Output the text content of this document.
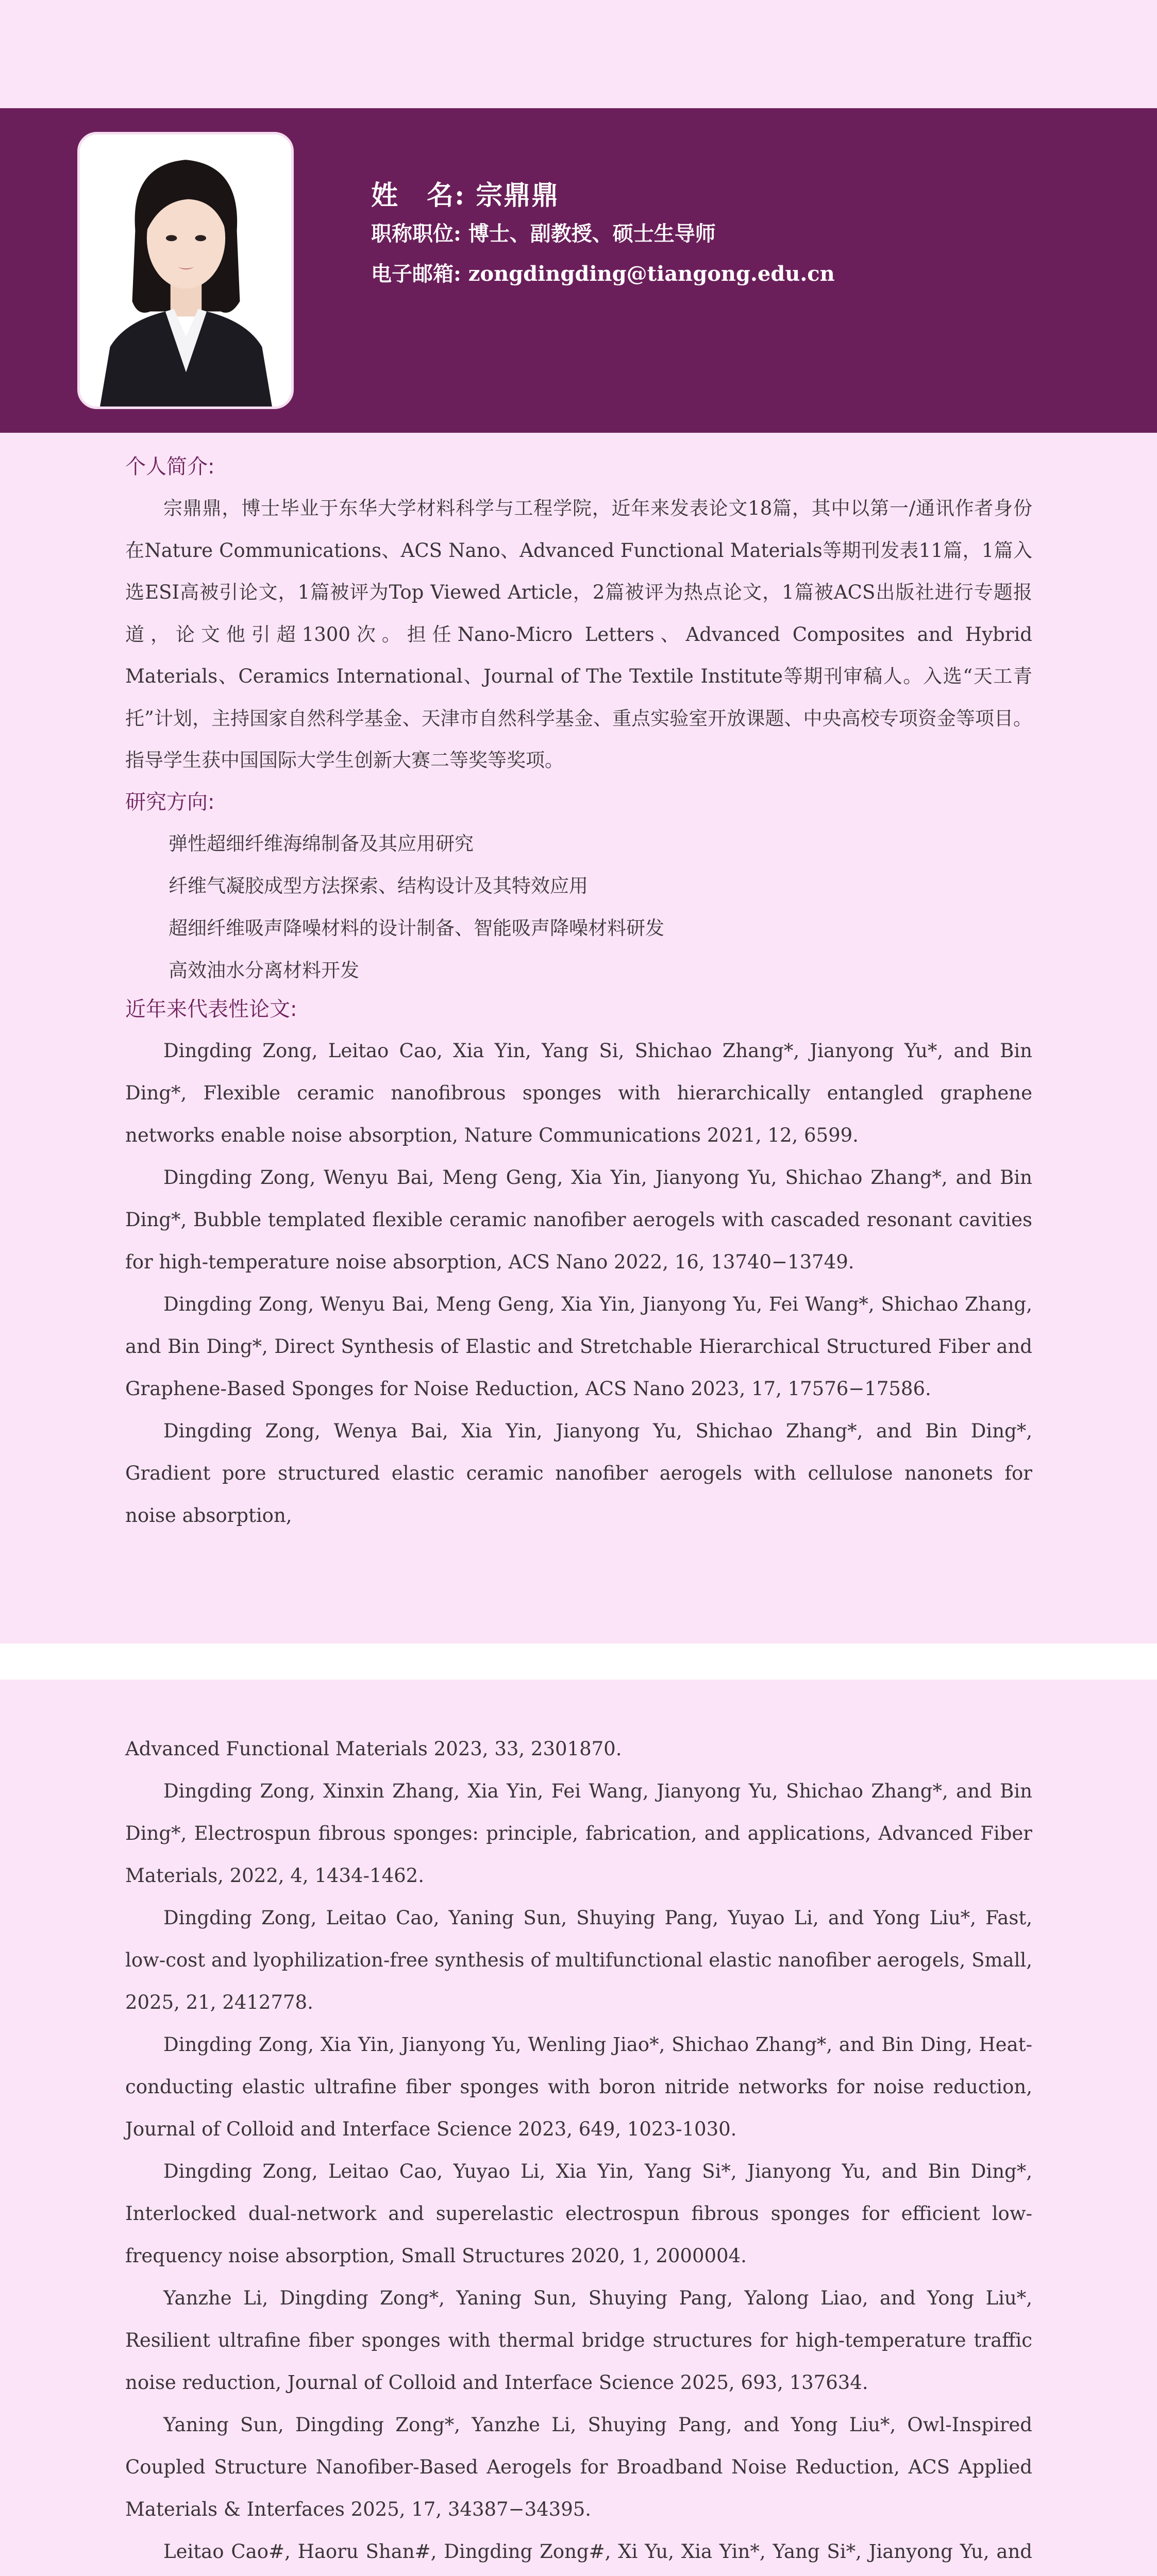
姓　名: 宗鼎鼎
职称职位: 博士、副教授、硕士生导师
电子邮箱: zongdingding@tiangong.edu.cn
个人简介:

宗鼎鼎，博士毕业于东华大学材料科学与工程学院，近年来发表论文18篇，其中以第一/通讯作者身份在Nature Communications、ACS Nano、Advanced Functional Materials等期刊发表11篇，1篇入选ESI高被引论文，1篇被评为Top Viewed Article，2篇被评为热点论文，1篇被ACS出版社进行专题报道，论文他引超1300次。担任Nano-Micro Letters、Advanced Composites and Hybrid Materials、Ceramics International、Journal of The Textile Institute等期刊审稿人。入选“天工青托”计划，主持国家自然科学基金、天津市自然科学基金、重点实验室开放课题、中央高校专项资金等项目。指导学生获中国国际大学生创新大赛二等奖等奖项。

研究方向:

弹性超细纤维海绵制备及其应用研究

纤维气凝胶成型方法探索、结构设计及其特效应用

超细纤维吸声降噪材料的设计制备、智能吸声降噪材料研发

高效油水分离材料开发

近年来代表性论文:

Dingding Zong, Leitao Cao, Xia Yin, Yang Si, Shichao Zhang*, Jianyong Yu*, and Bin Ding*, Flexible ceramic nanofibrous sponges with hierarchically entangled graphene networks enable noise absorption, Nature Communications 2021, 12, 6599.

Dingding Zong, Wenyu Bai, Meng Geng, Xia Yin, Jianyong Yu, Shichao Zhang*, and Bin Ding*, Bubble templated flexible ceramic nanofiber aerogels with cascaded resonant cavities for high-temperature noise absorption, ACS Nano 2022, 16, 13740−13749.

Dingding Zong, Wenyu Bai, Meng Geng, Xia Yin, Jianyong Yu, Fei Wang*, Shichao Zhang, and Bin Ding*, Direct Synthesis of Elastic and Stretchable Hierarchical Structured Fiber and Graphene-Based Sponges for Noise Reduction, ACS Nano 2023, 17, 17576−17586.

Dingding Zong, Wenya Bai, Xia Yin, Jianyong Yu, Shichao Zhang*, and Bin Ding*, Gradient pore structured elastic ceramic nanofiber aerogels with cellulose nanonets for noise absorption,

Advanced Functional Materials 2023, 33, 2301870.

Dingding Zong, Xinxin Zhang, Xia Yin, Fei Wang, Jianyong Yu, Shichao Zhang*, and Bin Ding*, Electrospun fibrous sponges: principle, fabrication, and applications, Advanced Fiber Materials, 2022, 4, 1434-1462.

Dingding Zong, Leitao Cao, Yaning Sun, Shuying Pang, Yuyao Li, and Yong Liu*, Fast, low-cost and lyophilization-free synthesis of multifunctional elastic nanofiber aerogels, Small, 2025, 21, 2412778.

Dingding Zong, Xia Yin, Jianyong Yu, Wenling Jiao*, Shichao Zhang*, and Bin Ding, Heat-conducting elastic ultrafine fiber sponges with boron nitride networks for noise reduction, Journal of Colloid and Interface Science 2023, 649, 1023-1030.

Dingding Zong, Leitao Cao, Yuyao Li, Xia Yin, Yang Si*, Jianyong Yu, and Bin Ding*, Interlocked dual-network and superelastic electrospun fibrous sponges for efficient low-frequency noise absorption, Small Structures 2020, 1, 2000004.

Yanzhe Li, Dingding Zong*, Yaning Sun, Shuying Pang, Yalong Liao, and Yong Liu*, Resilient ultrafine fiber sponges with thermal bridge structures for high-temperature traffic noise reduction, Journal of Colloid and Interface Science 2025, 693, 137634.

Yaning Sun, Dingding Zong*, Yanzhe Li, Shuying Pang, and Yong Liu*, Owl-Inspired Coupled Structure Nanofiber-Based Aerogels for Broadband Noise Reduction, ACS Applied Materials & Interfaces 2025, 17, 34387−34395.

Leitao Cao#, Haoru Shan#, Dingding Zong#, Xi Yu, Xia Yin*, Yang Si*, Jianyong Yu, and
